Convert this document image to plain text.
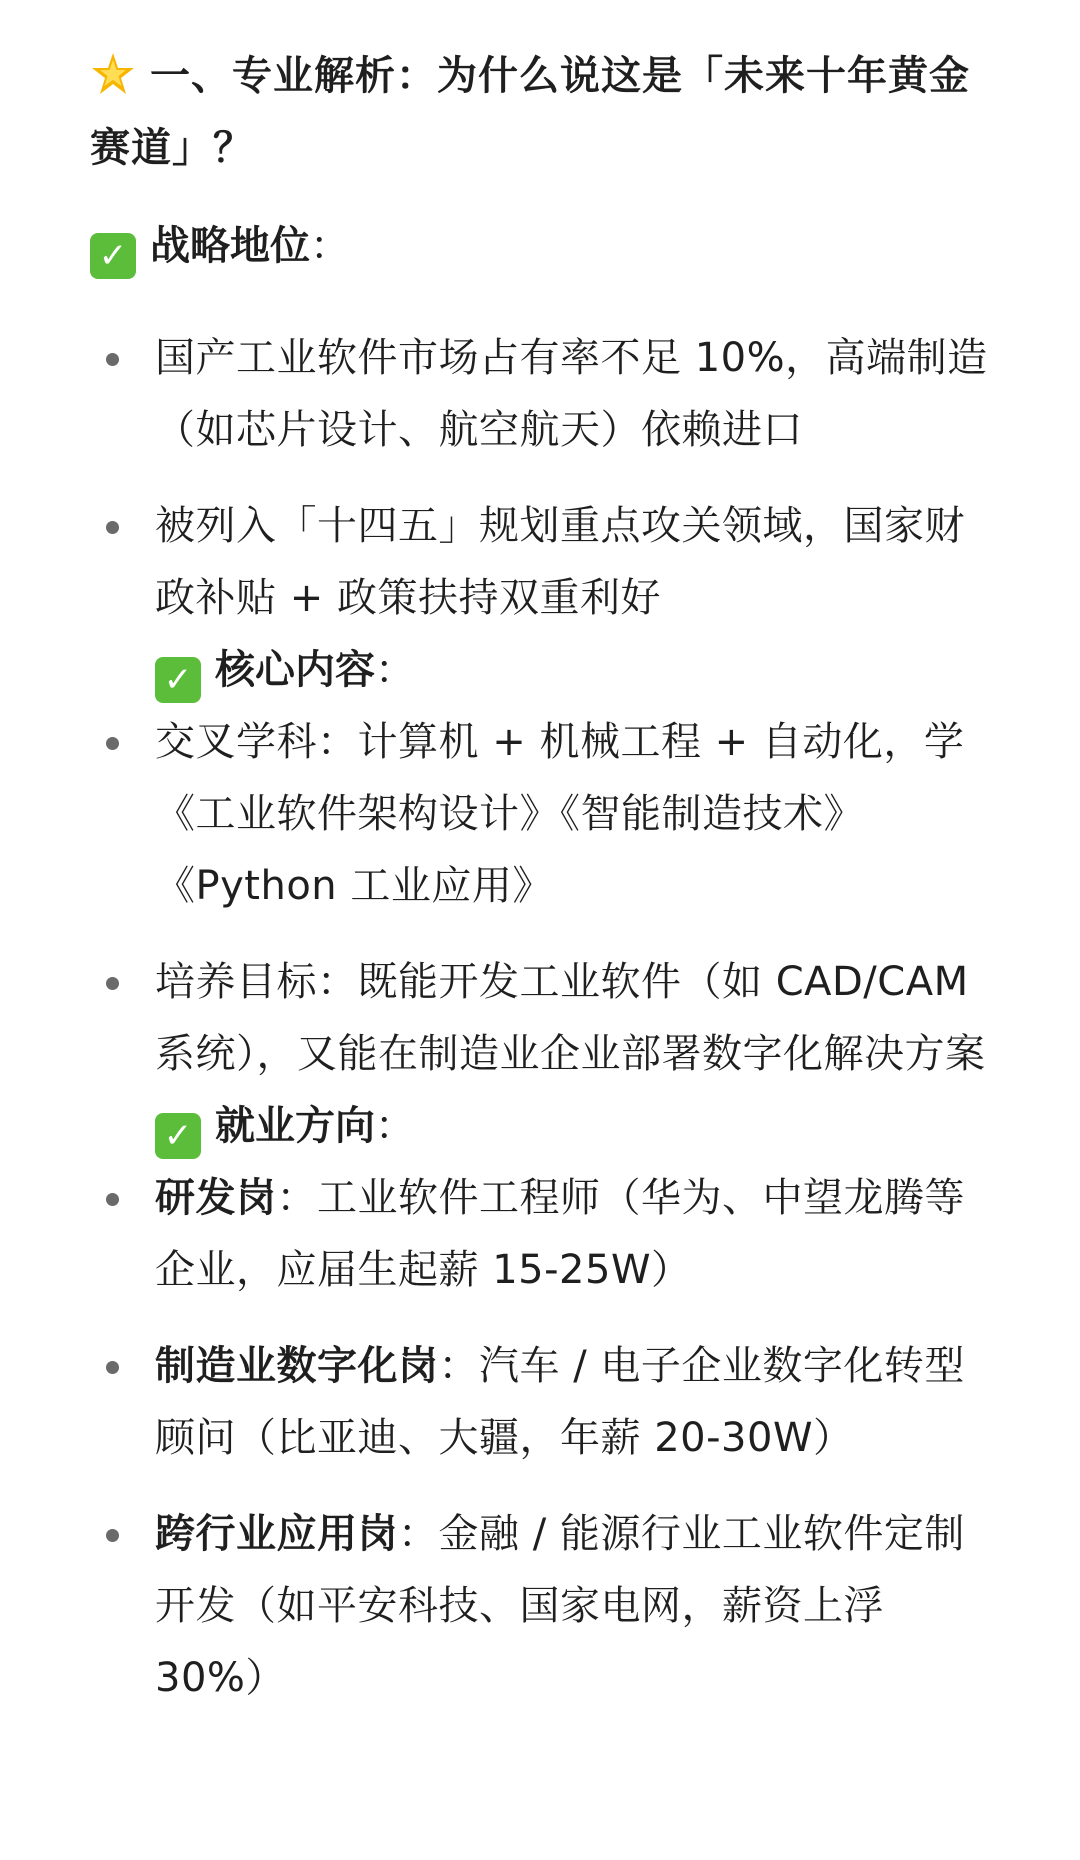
一、专业解析：为什么说这是「未来十年黄金赛道」？

✓ 战略地位：

国产工业软件市场占有率不足 10%，高端制造（如芯片设计、航空航天）依赖进口
被列入「十四五」规划重点攻关领域，国家财政补贴 + 政策扶持双重利好

✓ 核心内容：

交叉学科：计算机 + 机械工程 + 自动化，学《工业软件架构设计》《智能制造技术》《Python 工业应用》
培养目标：既能开发工业软件（如 CAD/CAM 系统），又能在制造业企业部署数字化解决方案

✓ 就业方向：

研发岗：工业软件工程师（华为、中望龙腾等企业，应届生起薪 15-25W）
制造业数字化岗：汽车 / 电子企业数字化转型顾问（比亚迪、大疆，年薪 20-30W）
跨行业应用岗：金融 / 能源行业工业软件定制开发（如平安科技、国家电网，薪资上浮 30%）
